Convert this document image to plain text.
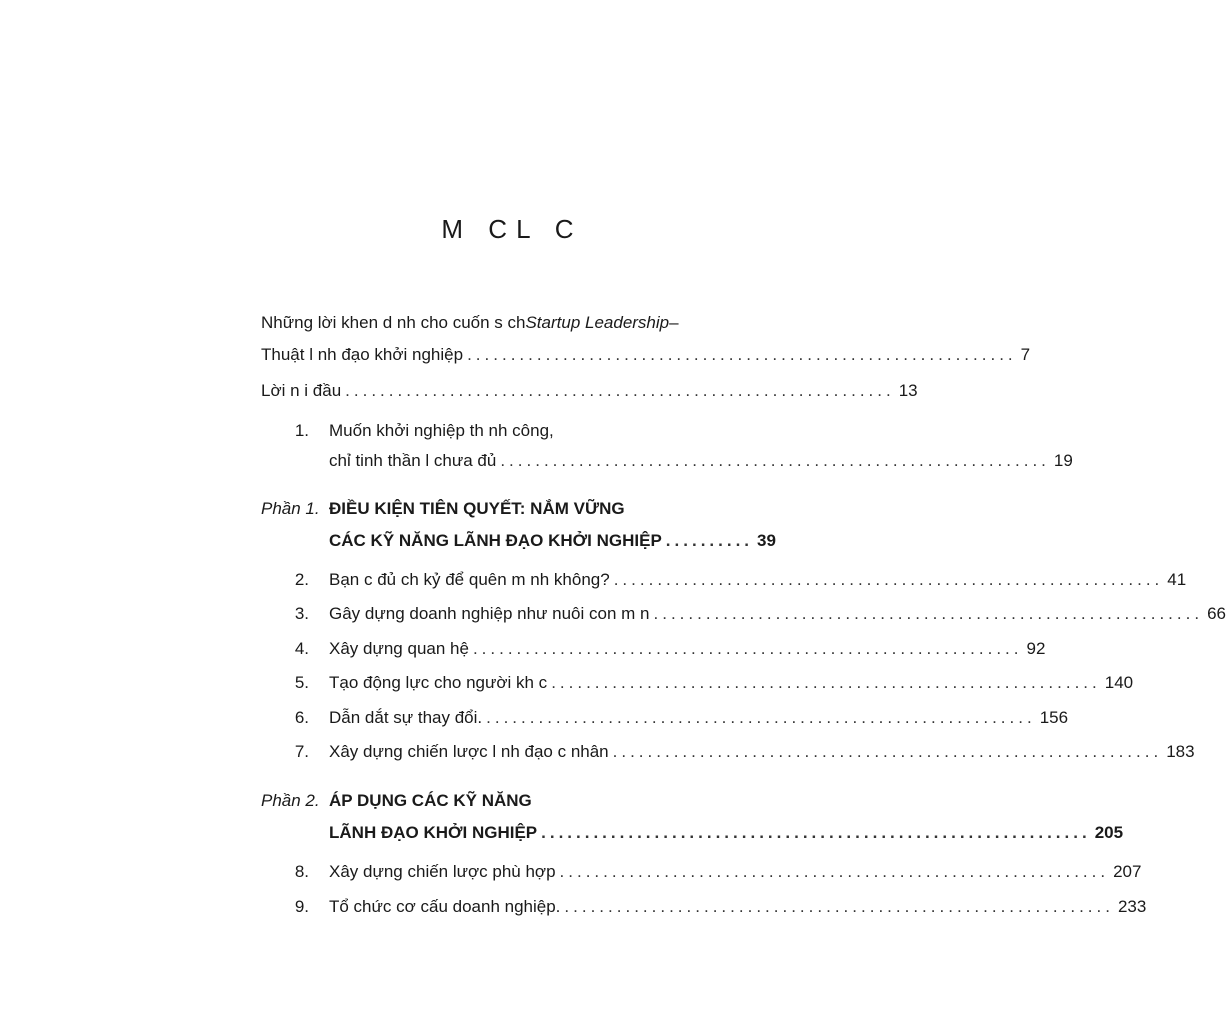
M CL C
Những lời khen d nh cho cuốn s ch Startup Leadership –
Thuật l nh đạo khởi nghiệp ............................................................... 7
Lời n i đầu ............................................................... 13
1.	Muốn khởi nghiệp th nh công,
chỉ tinh thần l chưa đủ ............................................................... 19
Phần 1. ĐIỀU KIỆN TIÊN QUYẾT: NẮM VỮNG
CÁC KỸ NĂNG LÃNH ĐẠO KHỞI NGHIỆP .......... 39
2.	Bạn c đủ ch kỷ để quên m nh không? ............................................................... 41
3.	Gây dựng doanh nghiệp như nuôi con m n ............................................................... 66
4.	Xây dựng quan hệ ............................................................... 92
5.	Tạo động lực cho người kh c ............................................................... 140
6.	Dẫn dắt sự thay đổi. ............................................................... 156
7.	Xây dựng chiến lược l nh đạo c nhân ............................................................... 183
Phần 2. ÁP DỤNG CÁC KỸ NĂNG
LÃNH ĐẠO KHỞI NGHIỆP ............................................................... 205
8.	Xây dựng chiến lược phù hợp ............................................................... 207
9.	Tổ chức cơ cấu doanh nghiệp. ............................................................... 233
